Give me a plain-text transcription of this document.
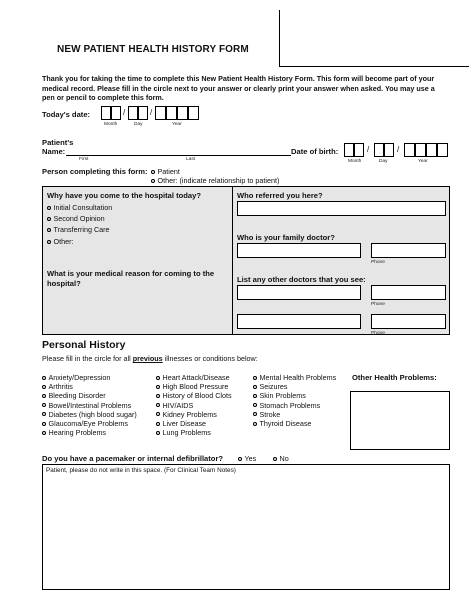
NEW PATIENT HEALTH HISTORY FORM
Thank you for taking the time to complete this New Patient Health History Form. This form will become part of your medical record. Please fill in the circle next to your answer or clearly print your answer when asked. You may use a pen or pencil to complete this form.
Today's date:	/	/
Month	Day	Year
Patient's
Name:
First	Last
Date of birth:	/	/
Month	Day	Year
Person completing this form: Patient
Other: (indicate relationship to patient)
Why have you come to the hospital today?
Initial Consultation
Second Opinion
Transferring Care
Other:
What is your medical reason for coming to the
hospital?
Who referred you here?
Who is your family doctor?
Phone
List any other doctors that you see:
Phone
Phone
Personal History
Please fill in the circle for all previous illnesses or conditions below:
Anxiety/Depression
Arthritis
Bleeding Disorder
Bowel/Intestinal Problems
Diabetes (high blood sugar)
Glaucoma/Eye Problems
Hearing Problems
Heart Attack/Disease
High Blood Pressure
History of Blood Clots
HIV/AIDS
Kidney Problems
Liver Disease
Lung Problems
Mental Health Problems
Seizures
Skin Problems
Stomach Problems
Stroke
Thyroid Disease
Other Health Problems:
Do you have a pacemaker or internal defibrillator?	Yes	No
Patient, please do not write in this space. (For Clinical Team Notes)
